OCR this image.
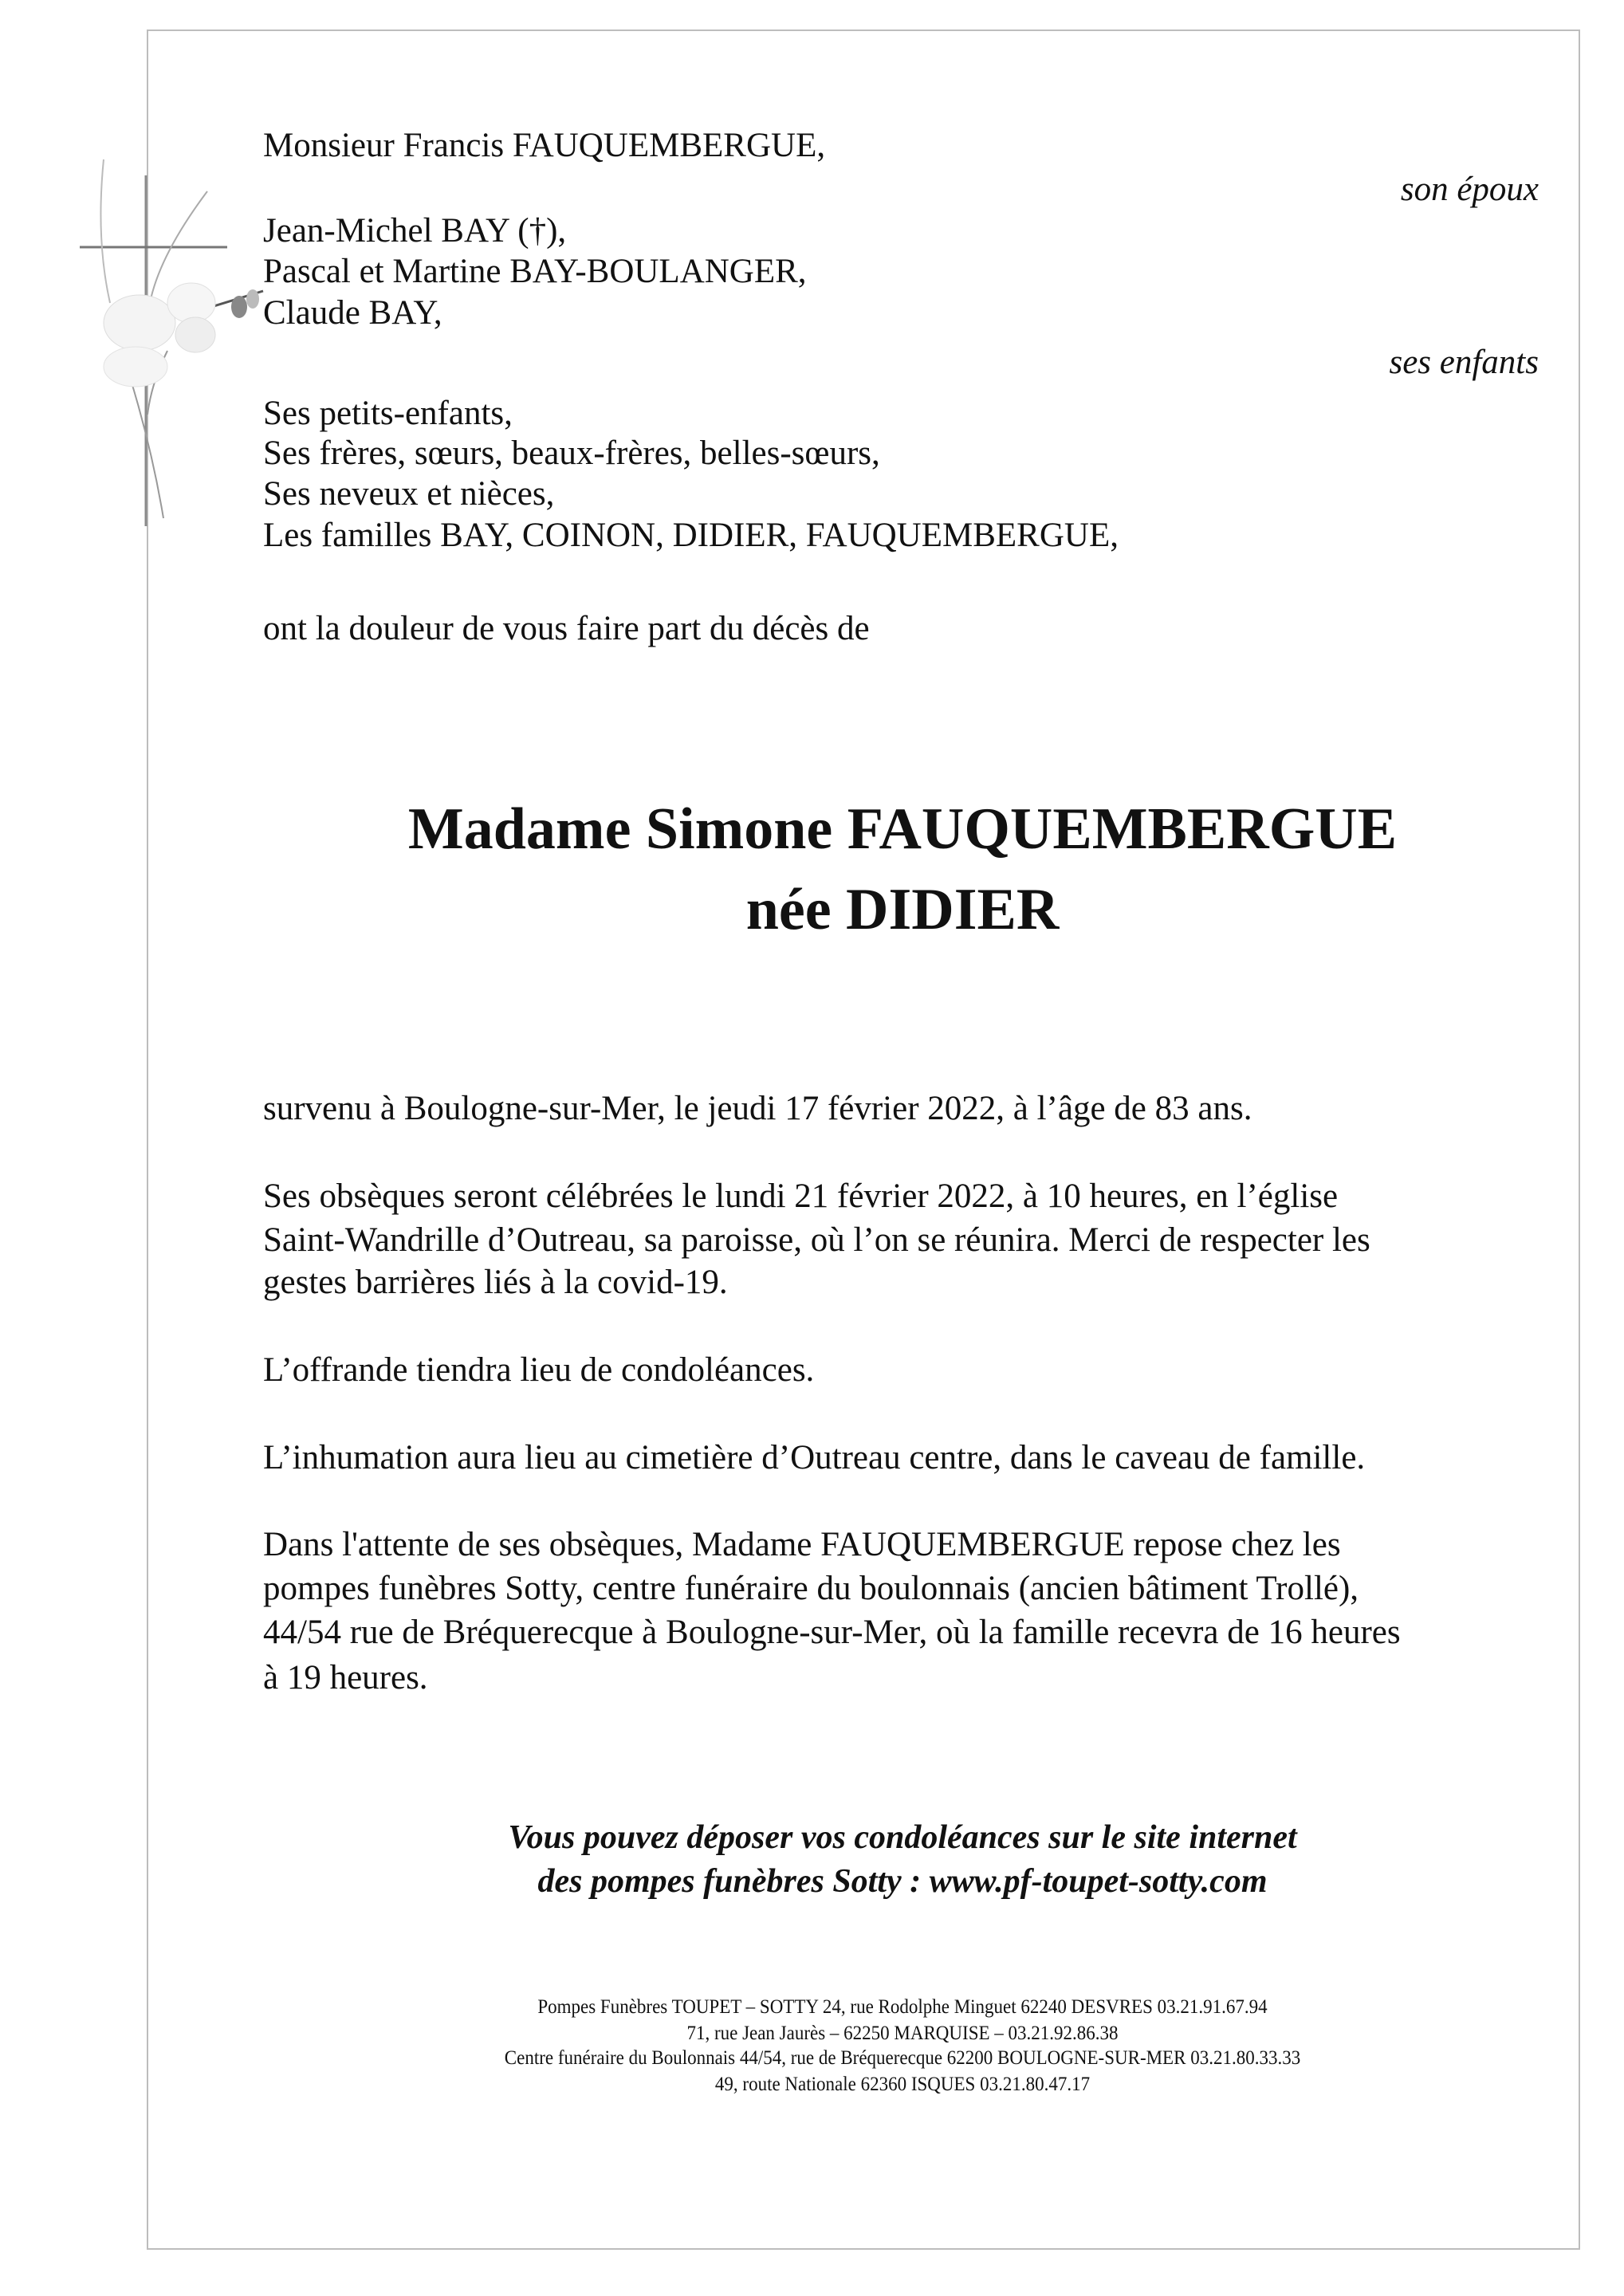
Monsieur Francis FAUQUEMBERGUE,
son époux
Jean-Michel BAY (†),
Pascal et Martine BAY-BOULANGER,
Claude BAY,
ses enfants
Ses petits-enfants,
Ses frères, sœurs, beaux-frères, belles-sœurs,
Ses neveux et nièces,
Les familles BAY, COINON, DIDIER, FAUQUEMBERGUE,
ont la douleur de vous faire part du décès de
Madame Simone FAUQUEMBERGUE
née DIDIER
survenu à Boulogne-sur-Mer, le jeudi 17 février 2022, à l’âge de 83 ans.
Ses obsèques seront célébrées le lundi 21 février 2022, à 10 heures, en l’église
Saint-Wandrille d’Outreau, sa paroisse, où l’on se réunira. Merci de respecter les
gestes barrières liés à la covid-19.
L’offrande tiendra lieu de condoléances.
L’inhumation aura lieu au cimetière d’Outreau centre, dans le caveau de famille.
Dans l'attente de ses obsèques, Madame FAUQUEMBERGUE repose chez les
pompes funèbres Sotty, centre funéraire du boulonnais (ancien bâtiment Trollé),
44/54 rue de Bréquerecque à Boulogne-sur-Mer, où la famille recevra de 16 heures
à 19 heures.
Vous pouvez déposer vos condoléances sur le site internet
des pompes funèbres Sotty : www.pf-toupet-sotty.com
Pompes Funèbres TOUPET – SOTTY 24, rue Rodolphe Minguet 62240 DESVRES 03.21.91.67.94
71, rue Jean Jaurès – 62250 MARQUISE – 03.21.92.86.38
Centre funéraire du Boulonnais 44/54, rue de Bréquerecque 62200 BOULOGNE-SUR-MER 03.21.80.33.33
49, route Nationale 62360 ISQUES 03.21.80.47.17
